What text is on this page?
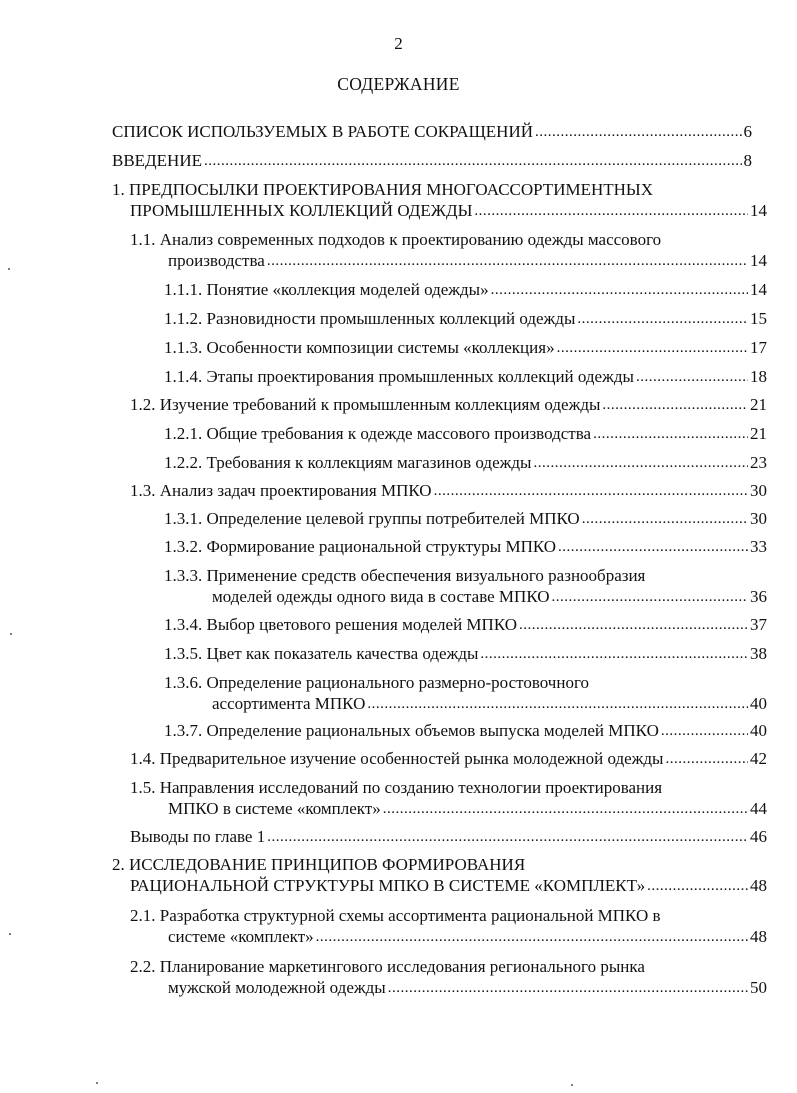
2
СОДЕРЖАНИЕ
СПИСОК ИСПОЛЬЗУЕМЫХ В РАБОТЕ СОКРАЩЕНИЙ .....	6
ВВЕДЕНИЕ .....	8
1. ПРЕДПОСЫЛКИ ПРОЕКТИРОВАНИЯ МНОГОАССОРТИМЕНТНЫХ
ПРОМЫШЛЕННЫХ КОЛЛЕКЦИЙ ОДЕЖДЫ .....	14
1.1. Анализ современных подходов к проектированию одежды массового
производства .....	14
1.1.1. Понятие «коллекция моделей одежды» .....	14
1.1.2. Разновидности промышленных коллекций одежды .....	15
1.1.3. Особенности композиции системы «коллекция» .....	17
1.1.4. Этапы проектирования промышленных коллекций одежды .....	18
1.2. Изучение требований к промышленным коллекциям одежды .....	21
1.2.1. Общие требования к одежде массового производства .....	21
1.2.2. Требования к коллекциям магазинов одежды .....	23
1.3. Анализ задач проектирования МПКО .....	30
1.3.1. Определение целевой группы потребителей МПКО .....	30
1.3.2. Формирование рациональной структуры МПКО .....	33
1.3.3. Применение средств обеспечения визуального разнообразия
моделей одежды одного вида в составе МПКО .....	36
1.3.4. Выбор цветового решения моделей МПКО .....	37
1.3.5. Цвет как показатель качества одежды .....	38
1.3.6. Определение рационального размерно-ростовочного
ассортимента МПКО .....	40
1.3.7. Определение рациональных объемов выпуска моделей МПКО .....	40
1.4. Предварительное изучение особенностей рынка молодежной одежды .....	42
1.5. Направления исследований по созданию технологии проектирования
МПКО в системе «комплект» .....	44
Выводы по главе 1 .....	46
2. ИССЛЕДОВАНИЕ ПРИНЦИПОВ ФОРМИРОВАНИЯ
РАЦИОНАЛЬНОЙ СТРУКТУРЫ МПКО В СИСТЕМЕ «КОМПЛЕКТ» .....	48
2.1. Разработка структурной схемы ассортимента рациональной МПКО в
системе «комплект» .....	48
2.2. Планирование маркетингового исследования регионального рынка
мужской молодежной одежды .....	50
